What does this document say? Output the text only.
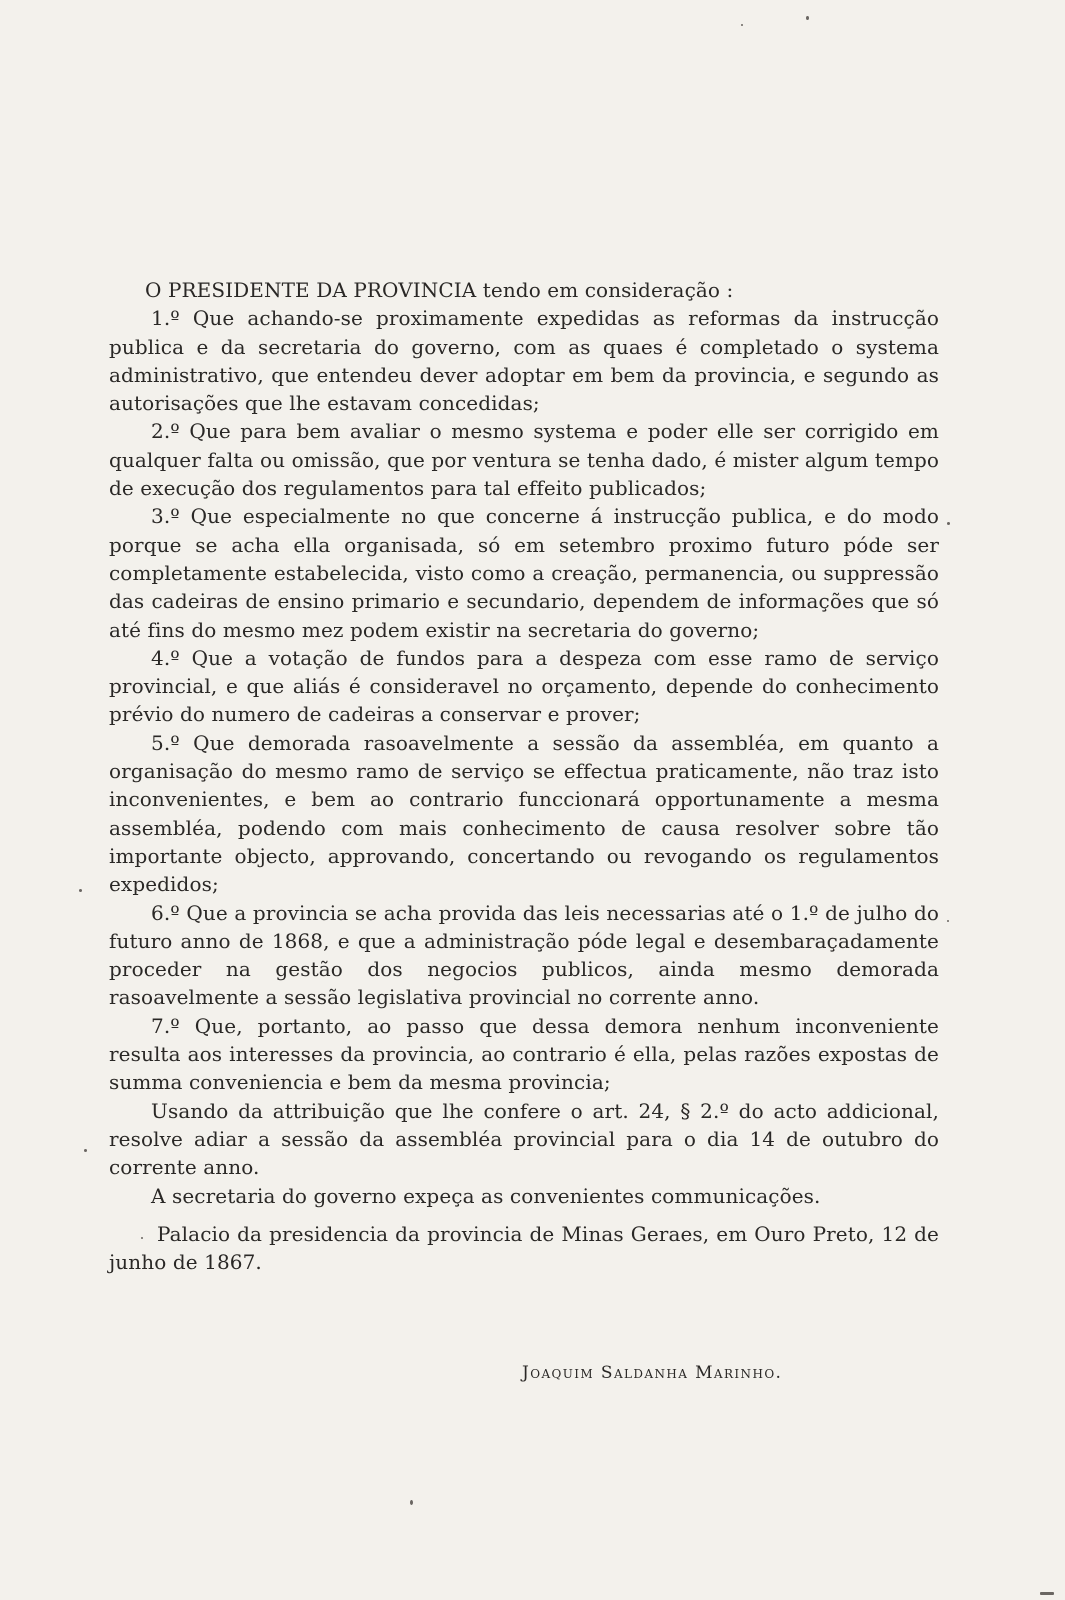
O PRESIDENTE DA PROVINCIA tendo em consideração :

1.º Que achando-se proximamente expedidas as reformas da instrucção publica e da secretaria do governo, com as quaes é completado o systema administrativo, que entendeu dever adoptar em bem da provincia, e segundo as autorisações que lhe estavam concedidas;

2.º Que para bem avaliar o mesmo systema e poder elle ser corrigido em qualquer falta ou omissão, que por ventura se tenha dado, é mister algum tempo de execução dos regulamentos para tal effeito publicados;

3.º Que especialmente no que concerne á instrucção publica, e do modo porque se acha ella organisada, só em setembro proximo futuro póde ser completamente estabelecida, visto como a creação, permanencia, ou suppressão das cadeiras de ensino primario e secundario, dependem de informações que só até fins do mesmo mez podem existir na secretaria do governo;

4.º Que a votação de fundos para a despeza com esse ramo de serviço provincial, e que aliás é consideravel no orçamento, depende do conhecimento prévio do numero de cadeiras a conservar e prover;

5.º Que demorada rasoavelmente a sessão da assembléa, em quanto a organisação do mesmo ramo de serviço se effectua praticamente, não traz isto inconvenientes, e bem ao contrario funccionará opportunamente a mesma assembléa, podendo com mais conhecimento de causa resolver sobre tão importante objecto, approvando, concertando ou revogando os regulamentos expedidos;

6.º Que a provincia se acha provida das leis necessarias até o 1.º de julho do futuro anno de 1868, e que a administração póde legal e desembaraçadamente proceder na gestão dos negocios publicos, ainda mesmo demorada rasoavelmente a sessão legislativa provincial no corrente anno.

7.º Que, portanto, ao passo que dessa demora nenhum inconveniente resulta aos interesses da provincia, ao contrario é ella, pelas razões expostas de summa conveniencia e bem da mesma provincia;

Usando da attribuição que lhe confere o art. 24, § 2.º do acto addicional, resolve adiar a sessão da assembléa provincial para o dia 14 de outubro do corrente anno.

A secretaria do governo expeça as convenientes communicações.

Palacio da presidencia da provincia de Minas Geraes, em Ouro Preto, 12 de junho de 1867.

Joaquim Saldanha Marinho.
